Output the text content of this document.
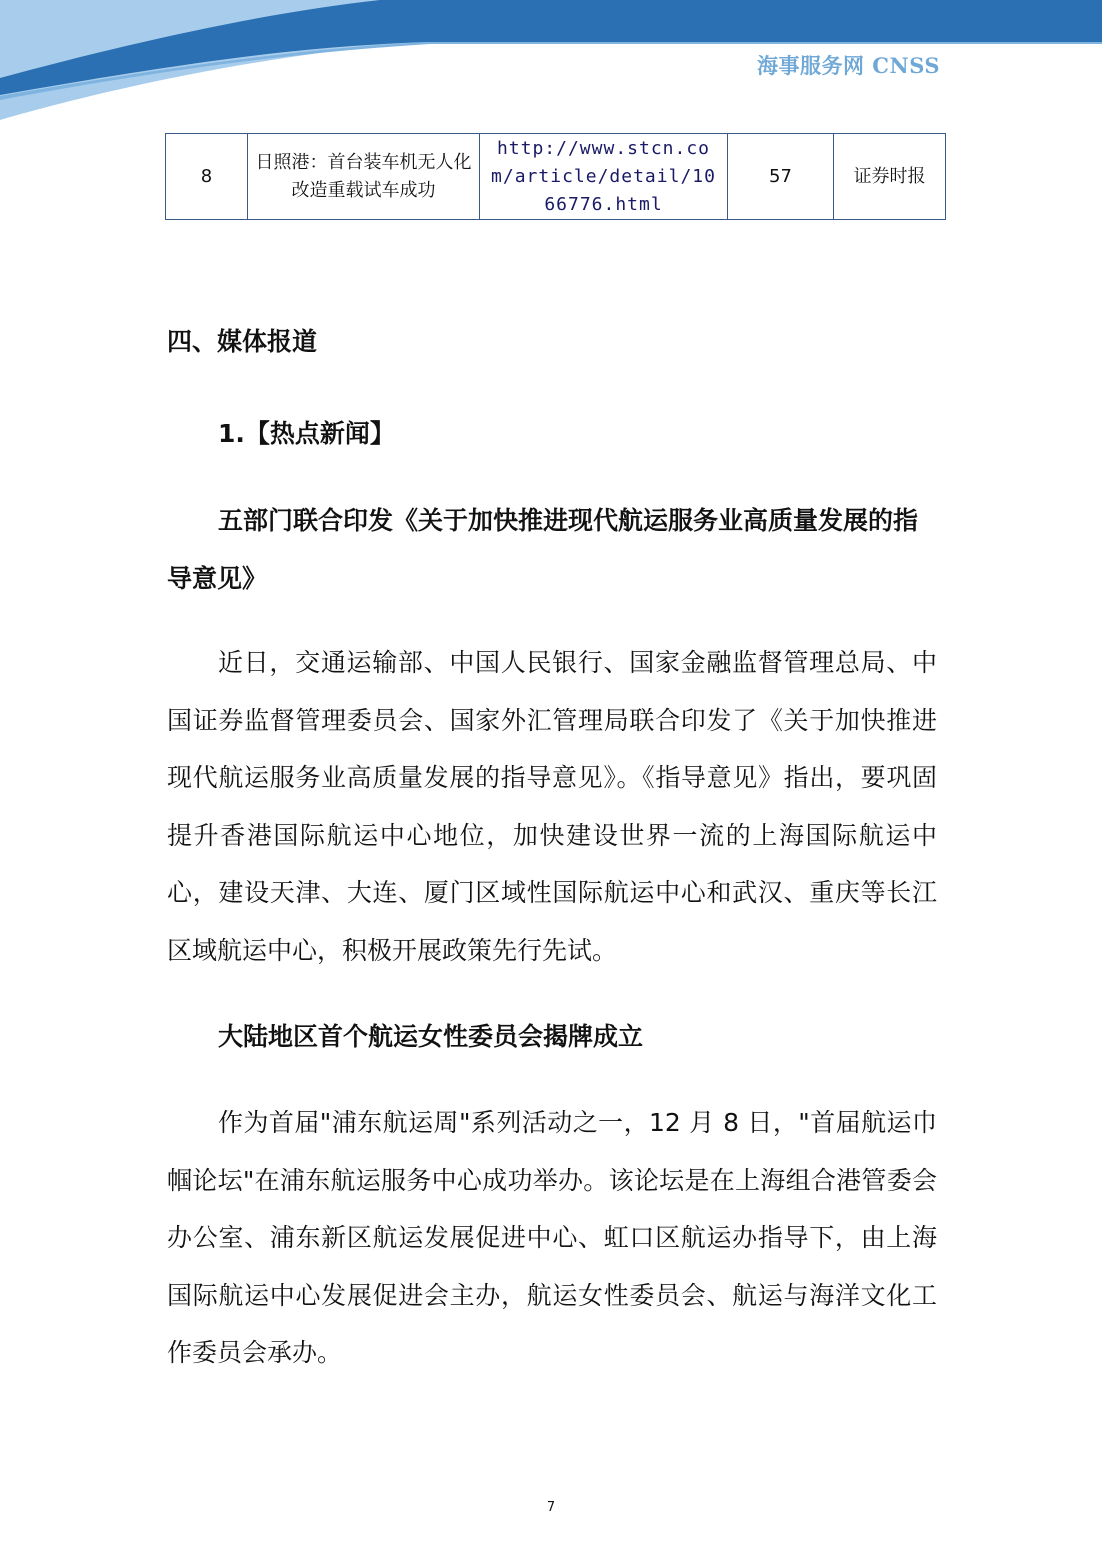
海事服务网 CNSS
8	日照港：首台装车机无人化改造重载试车成功	http://www.stcn.com/article/detail/1066776.html	57	证券时报
四、媒体报道
1.【热点新闻】

五部门联合印发《关于加快推进现代航运服务业高质量发展的指导意见》

近日，交通运输部、中国人民银行、国家金融监督管理总局、中国证券监督管理委员会、国家外汇管理局联合印发了《关于加快推进现代航运服务业高质量发展的指导意见》。《指导意见》指出，要巩固提升香港国际航运中心地位，加快建设世界一流的上海国际航运中心，建设天津、大连、厦门区域性国际航运中心和武汉、重庆等长江区域航运中心，积极开展政策先行先试。

大陆地区首个航运女性委员会揭牌成立

作为首届"浦东航运周"系列活动之一，12 月 8 日，"首届航运巾帼论坛"在浦东航运服务中心成功举办。该论坛是在上海组合港管委会办公室、浦东新区航运发展促进中心、虹口区航运办指导下，由上海国际航运中心发展促进会主办，航运女性委员会、航运与海洋文化工作委员会承办。

7
